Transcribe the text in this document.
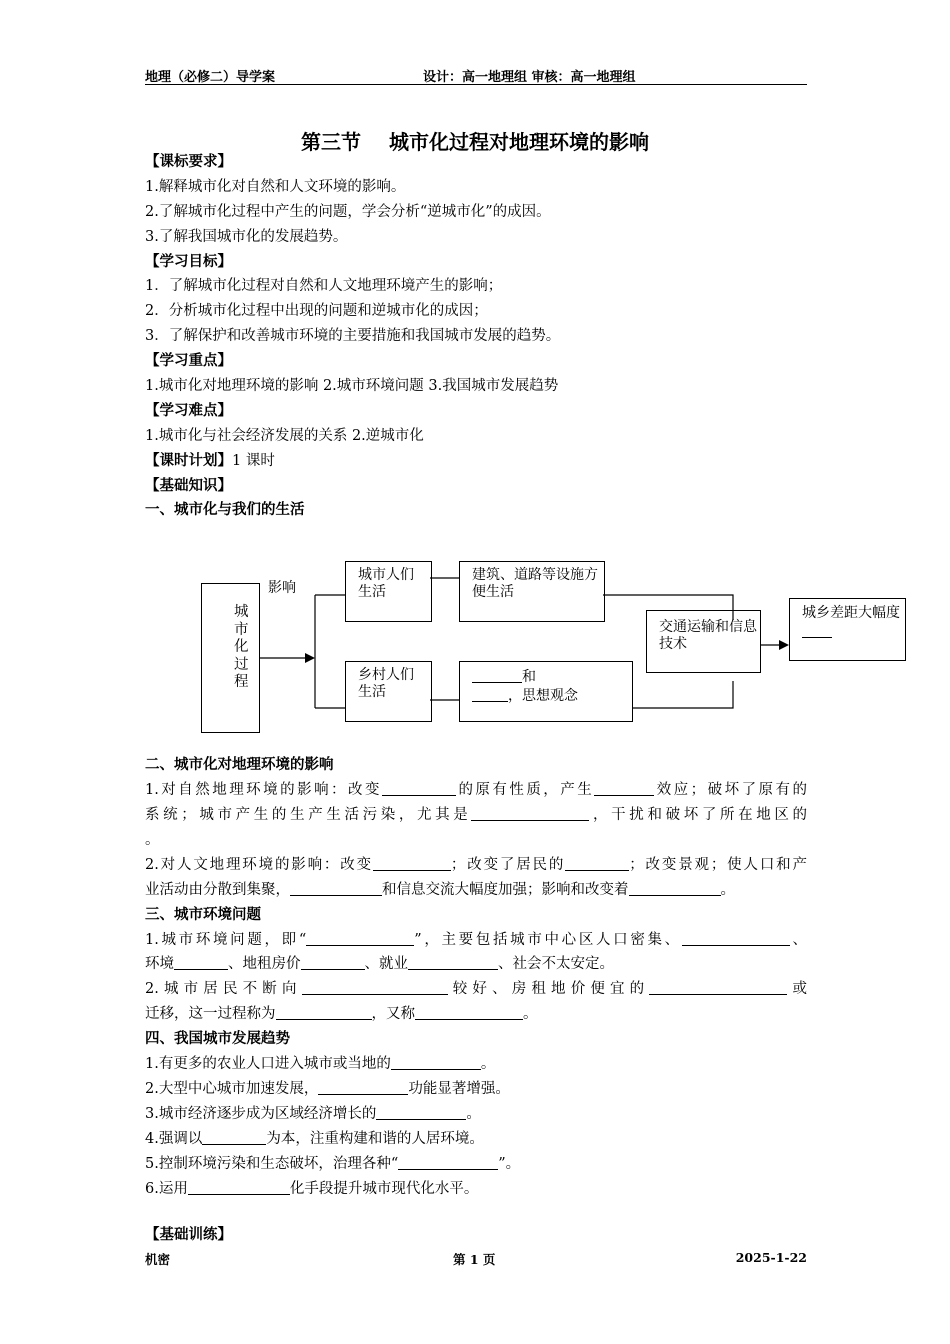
地理（必修二）导学案	设计：高一地理组 审核：高一地理组
第三节 城市化过程对地理环境的影响
【课标要求】
1.解释城市化对自然和人文环境的影响。
2.了解城市化过程中产生的问题，学会分析“逆城市化”的成因。
3.了解我国城市化的发展趋势。
【学习目标】
1．了解城市化过程对自然和人文地理环境产生的影响；
2．分析城市化过程中出现的问题和逆城市化的成因；
3．了解保护和改善城市环境的主要措施和我国城市发展的趋势。
【学习重点】
1.城市化对地理环境的影响 2.城市环境问题 3.我国城市发展趋势
【学习难点】
1.城市化与社会经济发展的关系 2.逆城市化
【课时计划】1 课时
【基础知识】
一、城市化与我们的生活
城市化过程
影响
城市人们生活
建筑、道路等设施方便生活
乡村人们生活
和
，思想观念
交通运输和信息技术
城乡差距大幅度
二、城市化对地理环境的影响
1.对自然地理环境的影响：改变	的原有性质，产生	效应；破坏了原有的
系统；城市产生的生产生活污染，尤其是	，干扰和破坏了所在地区的
。
2.对人文地理环境的影响：改变	；改变了居民的	；改变景观；使人口和产
业活动由分散到集聚，	和信息交流大幅度加强；影响和改变着	。
三、城市环境问题
1.城市环境问题，即“	”，主要包括城市中心区人口密集、	、
环境	、地租房价	、就业	、社会不太安定。
2.城市居民不断向	较好、房租地价便宜的	或
迁移，这一过程称为	，又称	。
四、我国城市发展趋势
1.有更多的农业人口进入城市或当地的	。
2.大型中心城市加速发展，	功能显著增强。
3.城市经济逐步成为区域经济增长的	。
4.强调以	为本，注重构建和谐的人居环境。
5.控制环境污染和生态破坏，治理各种“	”。
6.运用	化手段提升城市现代化水平。
【基础训练】
机密	第 1 页	2025-1-22
